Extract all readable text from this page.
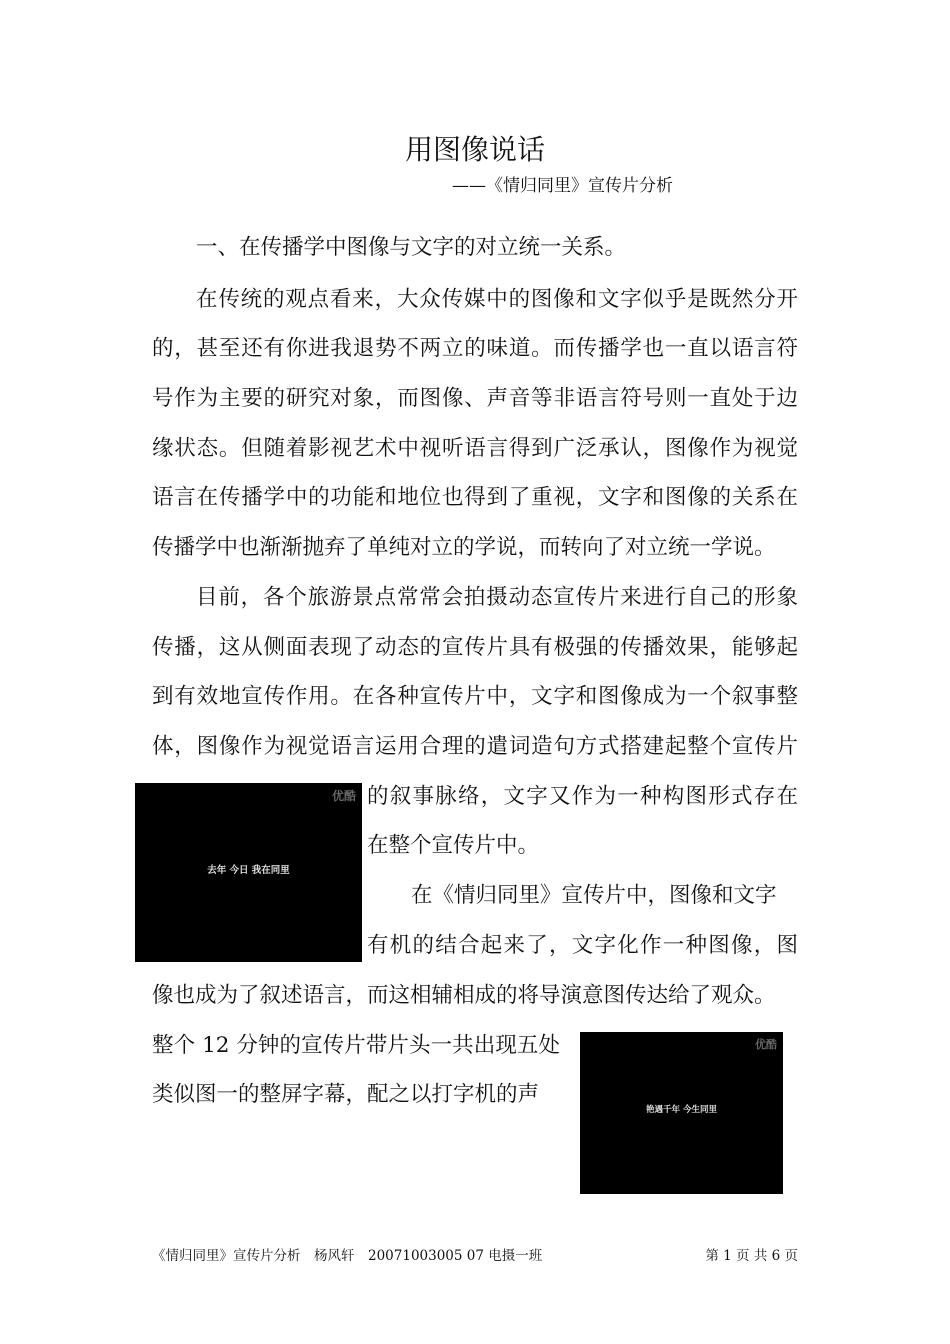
用图像说话
——《情归同里》宣传片分析
一、在传播学中图像与文字的对立统一关系。
在传统的观点看来，大众传媒中的图像和文字似乎是既然分开
的，甚至还有你进我退势不两立的味道。而传播学也一直以语言符
号作为主要的研究对象，而图像、声音等非语言符号则一直处于边
缘状态。但随着影视艺术中视听语言得到广泛承认，图像作为视觉
语言在传播学中的功能和地位也得到了重视，文字和图像的关系在
传播学中也渐渐抛弃了单纯对立的学说，而转向了对立统一学说。
目前，各个旅游景点常常会拍摄动态宣传片来进行自己的形象
传播，这从侧面表现了动态的宣传片具有极强的传播效果，能够起
到有效地宣传作用。在各种宣传片中，文字和图像成为一个叙事整
体，图像作为视觉语言运用合理的遣词造句方式搭建起整个宣传片
优酷
去年 今日 我在同里
的叙事脉络，文字又作为一种构图形式存在
在整个宣传片中。
在《情归同里》宣传片中，图像和文字
有机的结合起来了，文字化作一种图像，图
像也成为了叙述语言，而这相辅相成的将导演意图传达给了观众。
整个 12 分钟的宣传片带片头一共出现五处
类似图一的整屏字幕，配之以打字机的声
优酷
艳遇千年 今生同里
《情归同里》宣传片分析　杨风轩　20071003005 07 电摄一班	第 1 页 共 6 页
